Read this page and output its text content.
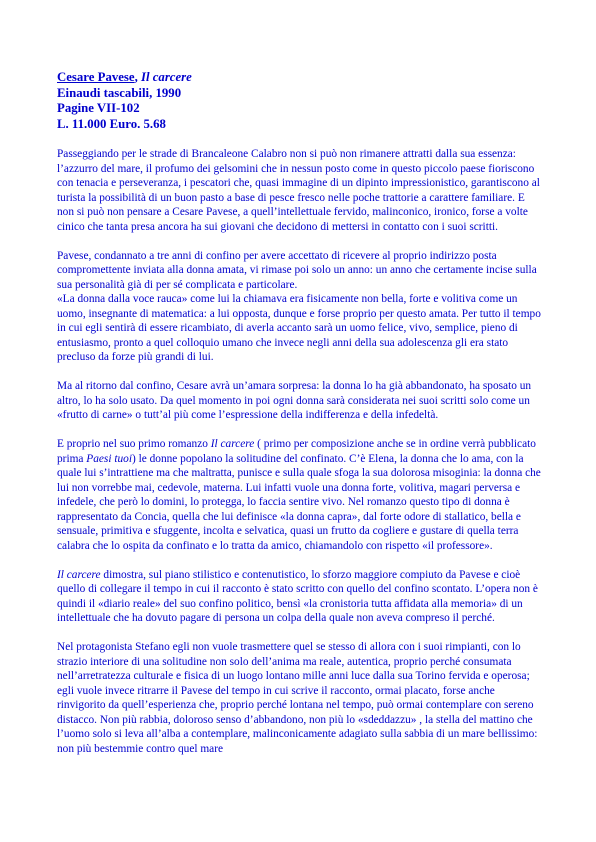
Cesare Pavese, Il carcere
Einaudi tascabili, 1990
Pagine VII-102
L. 11.000 Euro. 5.68

Passeggiando per le strade di Brancaleone Calabro non si può non rimanere attratti dalla sua essenza: l’azzurro del mare, il profumo dei gelsomini che in nessun posto come in questo piccolo paese fioriscono con tenacia e perseveranza, i pescatori che, quasi immagine di un dipinto impressionistico, garantiscono al turista la possibilità di un buon pasto a base di pesce fresco nelle poche trattorie a carattere familiare. E non si può non pensare a Cesare Pavese, a quell’intellettuale fervido, malinconico, ironico, forse a volte cinico che tanta presa ancora ha sui giovani che decidono di mettersi in contatto con i suoi scritti.

Pavese, condannato a tre anni di confino per avere accettato di ricevere al proprio indirizzo posta compromettente inviata alla donna amata, vi rimase poi solo un anno: un anno che certamente incise sulla sua personalità già di per sé complicata e particolare.

«La donna dalla voce rauca» come lui la chiamava era fisicamente non bella, forte e volitiva come un uomo, insegnante di matematica: a lui opposta, dunque e forse proprio per questo amata. Per tutto il tempo in cui egli sentirà di essere ricambiato, di averla accanto sarà un uomo felice, vivo, semplice, pieno di entusiasmo, pronto a quel colloquio umano che invece negli anni della sua adolescenza gli era stato precluso da forze più grandi di lui.

Ma al ritorno dal confino, Cesare avrà un’amara sorpresa: la donna lo ha già abbandonato, ha sposato un altro, lo ha solo usato. Da quel momento in poi ogni donna sarà considerata nei suoi scritti solo come un «frutto di carne» o tutt’al più come l’espressione della indifferenza e della infedeltà.

E proprio nel suo primo romanzo Il carcere ( primo per composizione anche se in ordine verrà pubblicato prima Paesi tuoi) le donne popolano la solitudine del confinato. C’è Elena, la donna che lo ama, con la quale lui s’intrattiene ma che maltratta, punisce e sulla quale sfoga la sua dolorosa misoginia: la donna che lui non vorrebbe mai, cedevole, materna. Lui infatti vuole una donna forte, volitiva, magari perversa e infedele, che però lo domini, lo protegga, lo faccia sentire vivo. Nel romanzo questo tipo di donna è rappresentato da Concia, quella che lui definisce «la donna capra», dal forte odore di stallatico, bella e sensuale, primitiva e sfuggente, incolta e selvatica, quasi un frutto da cogliere e gustare di quella terra calabra che lo ospita da confinato e lo tratta da amico, chiamandolo con rispetto «il professore».

Il carcere dimostra, sul piano stilistico e contenutistico, lo sforzo maggiore compiuto da Pavese e cioè quello di collegare il tempo in cui il racconto è stato scritto con quello del confino scontato. L’opera non è quindi il «diario reale» del suo confino politico, bensì «la cronistoria tutta affidata alla memoria» di un intellettuale che ha dovuto pagare di persona un colpa della quale non aveva compreso il perché.

Nel protagonista Stefano egli non vuole trasmettere quel se stesso di allora con i suoi rimpianti, con lo strazio interiore di una solitudine non solo dell’anima ma reale, autentica, proprio perché consumata nell’arretratezza culturale e fisica di un luogo lontano mille anni luce dalla sua Torino fervida e operosa; egli vuole invece ritrarre il Pavese del tempo in cui scrive il racconto, ormai placato, forse anche rinvigorito da quell’esperienza che, proprio perché lontana nel tempo, può ormai contemplare con sereno distacco. Non più rabbia, doloroso senso d’abbandono, non più lo «sdeddazzu» , la stella del mattino che l’uomo solo si leva all’alba a contemplare, malinconicamente adagiato sulla sabbia di un mare bellissimo: non più bestemmie contro quel mare
